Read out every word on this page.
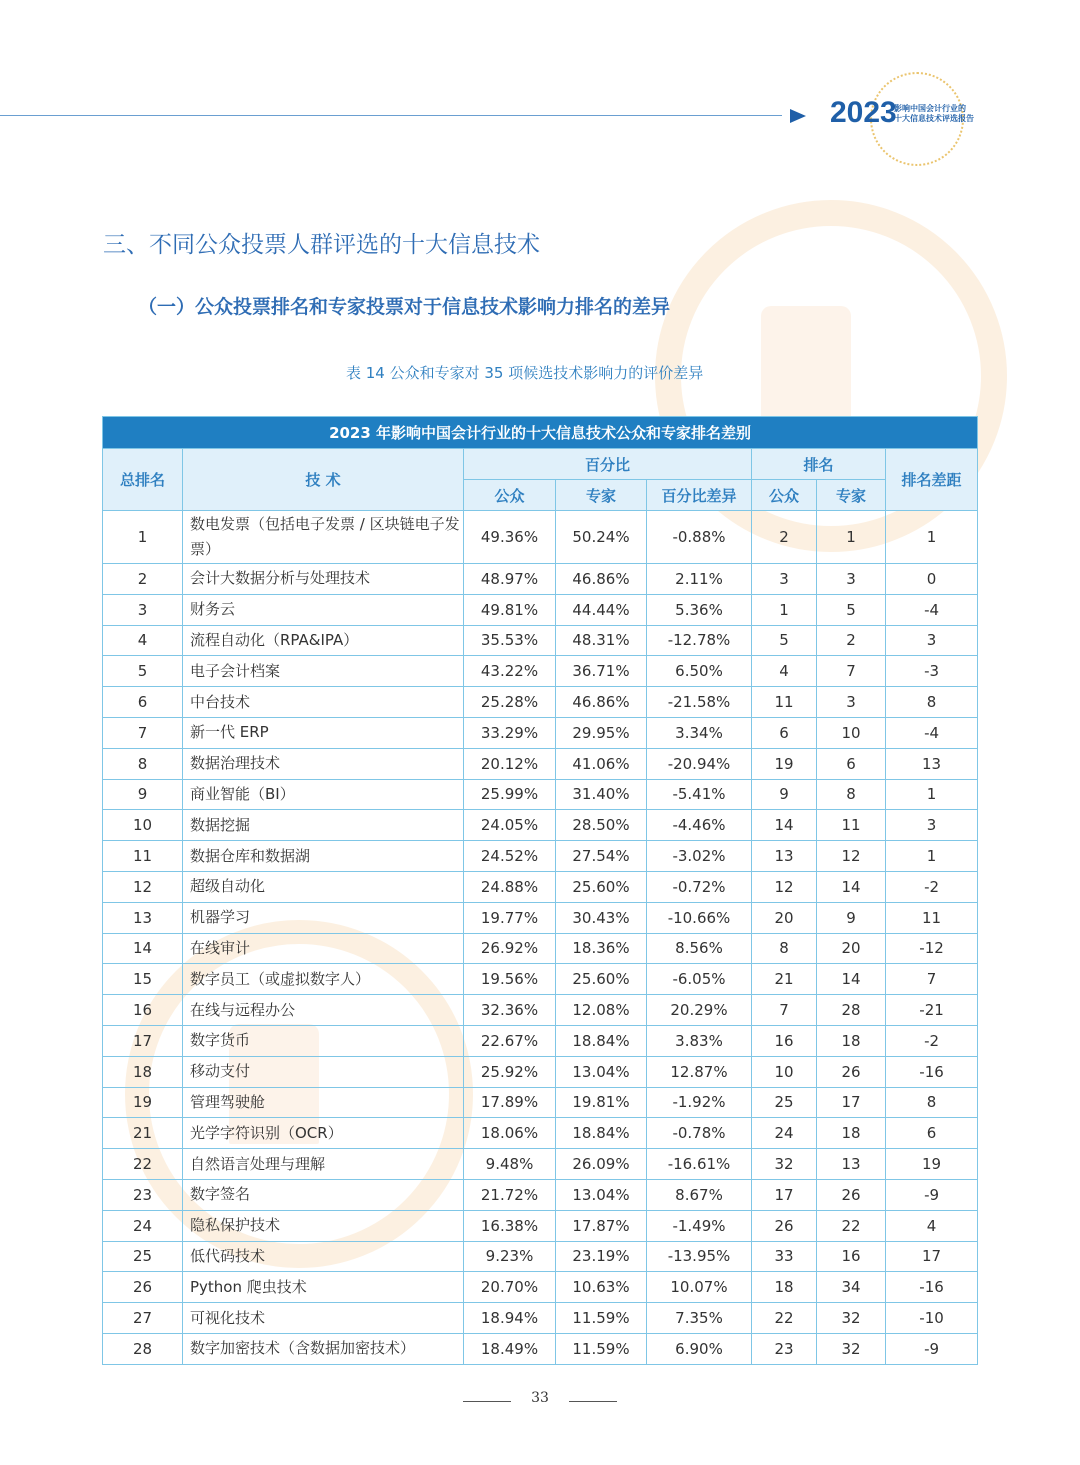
2023
影响中国会计行业的
十大信息技术评选报告
三、不同公众投票人群评选的十大信息技术
（一）公众投票排名和专家投票对于信息技术影响力排名的差异
表 14 公众和专家对 35 项候选技术影响力的评价差异
2023 年影响中国会计行业的十大信息技术公众和专家排名差别							
总排名	技 术	百分比			排名		排名差距
		公众	专家	百分比差异	公众	专家	
1	数电发票（包括电子发票 / 区块链电子发票）	49.36%	50.24%	-0.88%	2	1	1
2	会计大数据分析与处理技术	48.97%	46.86%	2.11%	3	3	0
3	财务云	49.81%	44.44%	5.36%	1	5	-4
4	流程自动化（RPA&IPA）	35.53%	48.31%	-12.78%	5	2	3
5	电子会计档案	43.22%	36.71%	6.50%	4	7	-3
6	中台技术	25.28%	46.86%	-21.58%	11	3	8
7	新一代 ERP	33.29%	29.95%	3.34%	6	10	-4
8	数据治理技术	20.12%	41.06%	-20.94%	19	6	13
9	商业智能（BI）	25.99%	31.40%	-5.41%	9	8	1
10	数据挖掘	24.05%	28.50%	-4.46%	14	11	3
11	数据仓库和数据湖	24.52%	27.54%	-3.02%	13	12	1
12	超级自动化	24.88%	25.60%	-0.72%	12	14	-2
13	机器学习	19.77%	30.43%	-10.66%	20	9	11
14	在线审计	26.92%	18.36%	8.56%	8	20	-12
15	数字员工（或虚拟数字人）	19.56%	25.60%	-6.05%	21	14	7
16	在线与远程办公	32.36%	12.08%	20.29%	7	28	-21
17	数字货币	22.67%	18.84%	3.83%	16	18	-2
18	移动支付	25.92%	13.04%	12.87%	10	26	-16
19	管理驾驶舱	17.89%	19.81%	-1.92%	25	17	8
21	光学字符识别（OCR）	18.06%	18.84%	-0.78%	24	18	6
22	自然语言处理与理解	9.48%	26.09%	-16.61%	32	13	19
23	数字签名	21.72%	13.04%	8.67%	17	26	-9
24	隐私保护技术	16.38%	17.87%	-1.49%	26	22	4
25	低代码技术	9.23%	23.19%	-13.95%	33	16	17
26	Python 爬虫技术	20.70%	10.63%	10.07%	18	34	-16
27	可视化技术	18.94%	11.59%	7.35%	22	32	-10
28	数字加密技术（含数据加密技术）	18.49%	11.59%	6.90%	23	32	-9
33
